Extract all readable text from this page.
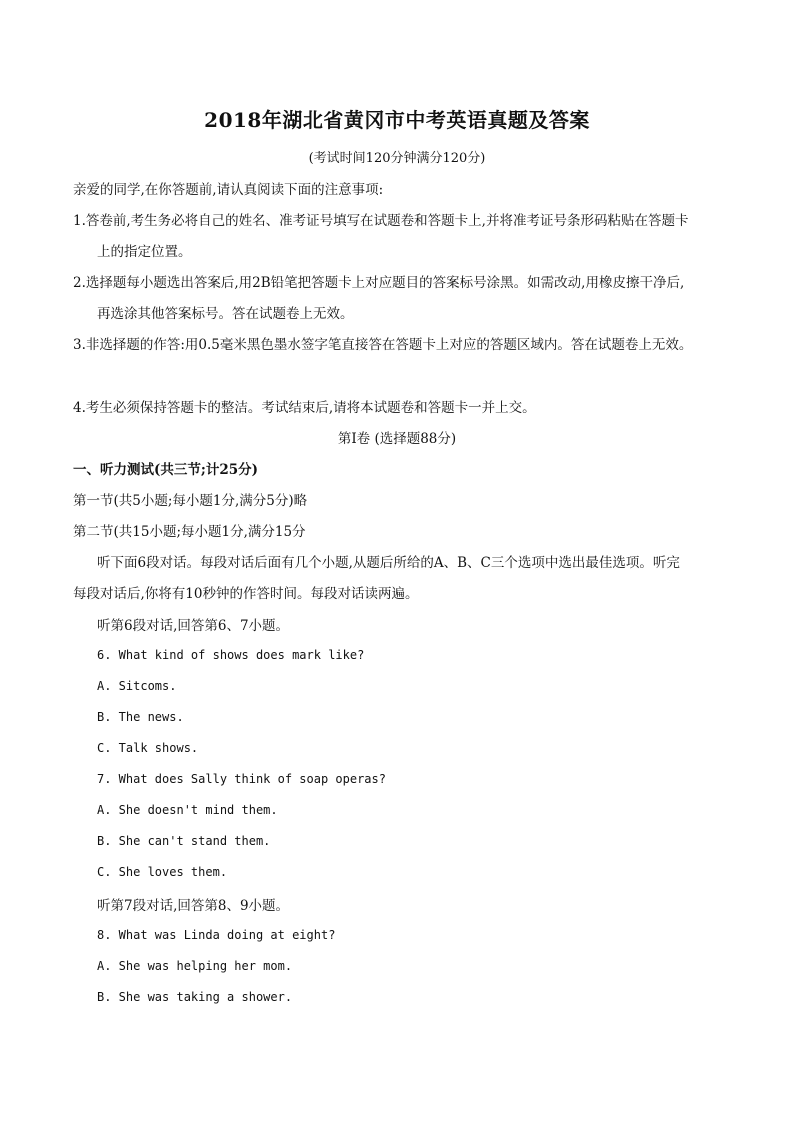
2018年湖北省黄冈市中考英语真题及答案
(考试时间120分钟满分120分)
亲爱的同学,在你答题前,请认真阅读下面的注意事项:
1.答卷前,考生务必将自己的姓名、准考证号填写在试题卷和答题卡上,并将准考证号条形码粘贴在答题卡
上的指定位置。
2.选择题每小题选出答案后,用2B铅笔把答题卡上对应题目的答案标号涂黑。如需改动,用橡皮擦干净后,
再选涂其他答案标号。答在试题卷上无效。
3.非选择题的作答:用0.5毫米黑色墨水签字笔直接答在答题卡上对应的答题区域内。答在试题卷上无效。
4.考生必须保持答题卡的整洁。考试结束后,请将本试题卷和答题卡一并上交。
第Ⅰ卷 (选择题88分)
一、听力测试(共三节;计25分)
第一节(共5小题;每小题1分,满分5分)略
第二节(共15小题;每小题1分,满分15分
听下面6段对话。每段对话后面有几个小题,从题后所给的A、B、C三个选项中选出最佳选项。听完
每段对话后,你将有10秒钟的作答时间。每段对话读两遍。
听第6段对话,回答第6、7小题。
6. What kind of shows does mark like?
A. Sitcoms.
B. The news.
C. Talk shows.
7. What does Sally think of soap operas?
A. She doesn't mind them.
B. She can't stand them.
C. She loves them.
听第7段对话,回答第8、9小题。
8. What was Linda doing at eight?
A. She was helping her mom.
B. She was taking a shower.
